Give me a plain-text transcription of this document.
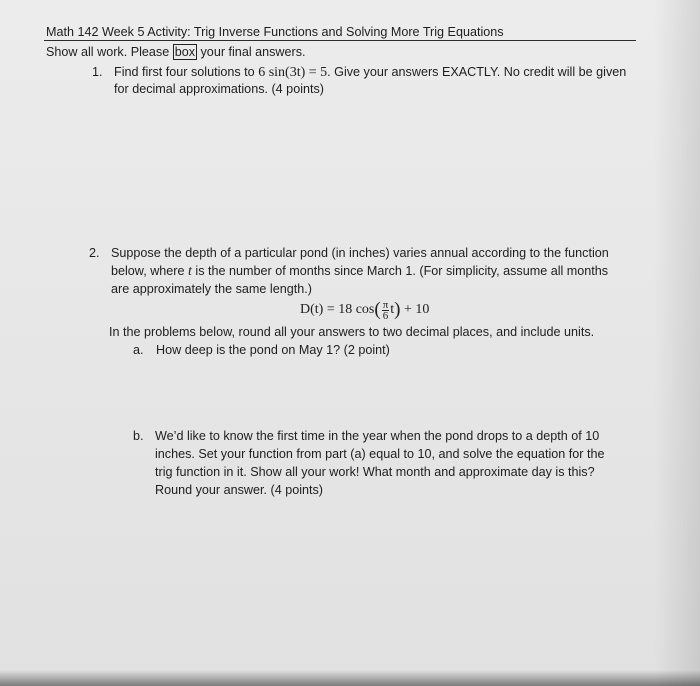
Math 142 Week 5 Activity: Trig Inverse Functions and Solving More Trig Equations
Show all work. Please box your final answers.
1. Find first four solutions to 6 sin(3t) = 5. Give your answers EXACTLY. No credit will be given
for decimal approximations. (4 points)
2. Suppose the depth of a particular pond (in inches) varies annual according to the function
below, where t is the number of months since March 1. (For simplicity, assume all months
are approximately the same length.)
D(t) = 18 $\cos( \frac{\pi}{6} t) + 10$
In the problems below, round all your answers to two decimal places, and include units.
a. How deep is the pond on May 1? (2 point)
b. We’d like to know the first time in the year when the pond drops to a depth of 10
inches. Set your function from part (a) equal to 10, and solve the equation for the
trig function in it. Show all your work! What month and approximate day is this?
Round your answer. (4 points)
